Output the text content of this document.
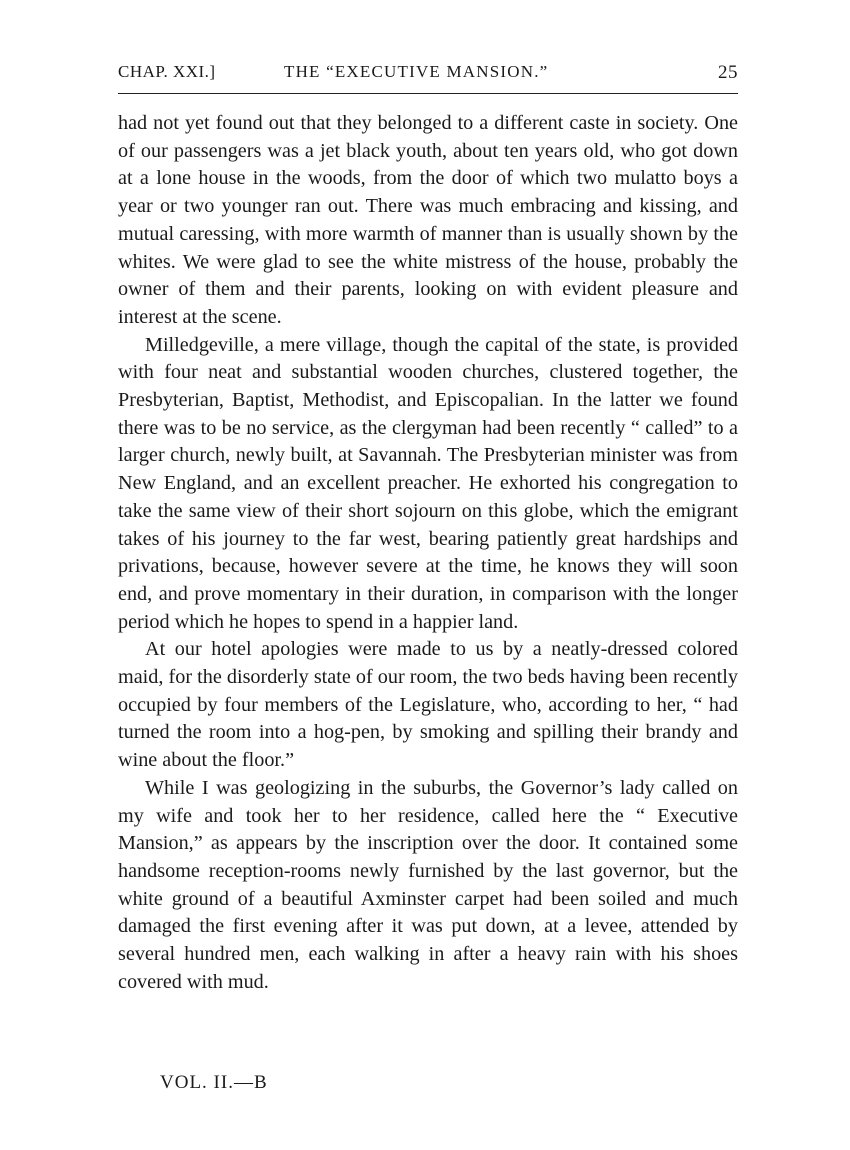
CHAP. XXI.]	THE “EXECUTIVE MANSION.”	25

had not yet found out that they belonged to a different caste in society. One of our passengers was a jet black youth, about ten years old, who got down at a lone house in the woods, from the door of which two mulatto boys a year or two younger ran out. There was much embracing and kissing, and mutual caressing, with more warmth of manner than is usually shown by the whites. We were glad to see the white mistress of the house, probably the owner of them and their parents, looking on with evident pleasure and interest at the scene.

Milledgeville, a mere village, though the capital of the state, is provided with four neat and substantial wooden churches, clustered together, the Presbyterian, Baptist, Methodist, and Episcopalian. In the latter we found there was to be no service, as the clergyman had been recently “ called” to a larger church, newly built, at Savannah. The Presbyterian minister was from New England, and an excellent preacher. He exhorted his congregation to take the same view of their short sojourn on this globe, which the emigrant takes of his journey to the far west, bearing patiently great hardships and privations, because, however severe at the time, he knows they will soon end, and prove momentary in their duration, in comparison with the longer period which he hopes to spend in a happier land.

At our hotel apologies were made to us by a neatly-dressed colored maid, for the disorderly state of our room, the two beds having been recently occupied by four members of the Legislature, who, according to her, “ had turned the room into a hog-pen, by smoking and spilling their brandy and wine about the floor.”

While I was geologizing in the suburbs, the Governor’s lady called on my wife and took her to her residence, called here the “ Executive Mansion,” as appears by the inscription over the door. It contained some handsome reception-rooms newly furnished by the last governor, but the white ground of a beautiful Axminster carpet had been soiled and much damaged the first evening after it was put down, at a levee, attended by several hundred men, each walking in after a heavy rain with his shoes covered with mud.

VOL. II.—B
